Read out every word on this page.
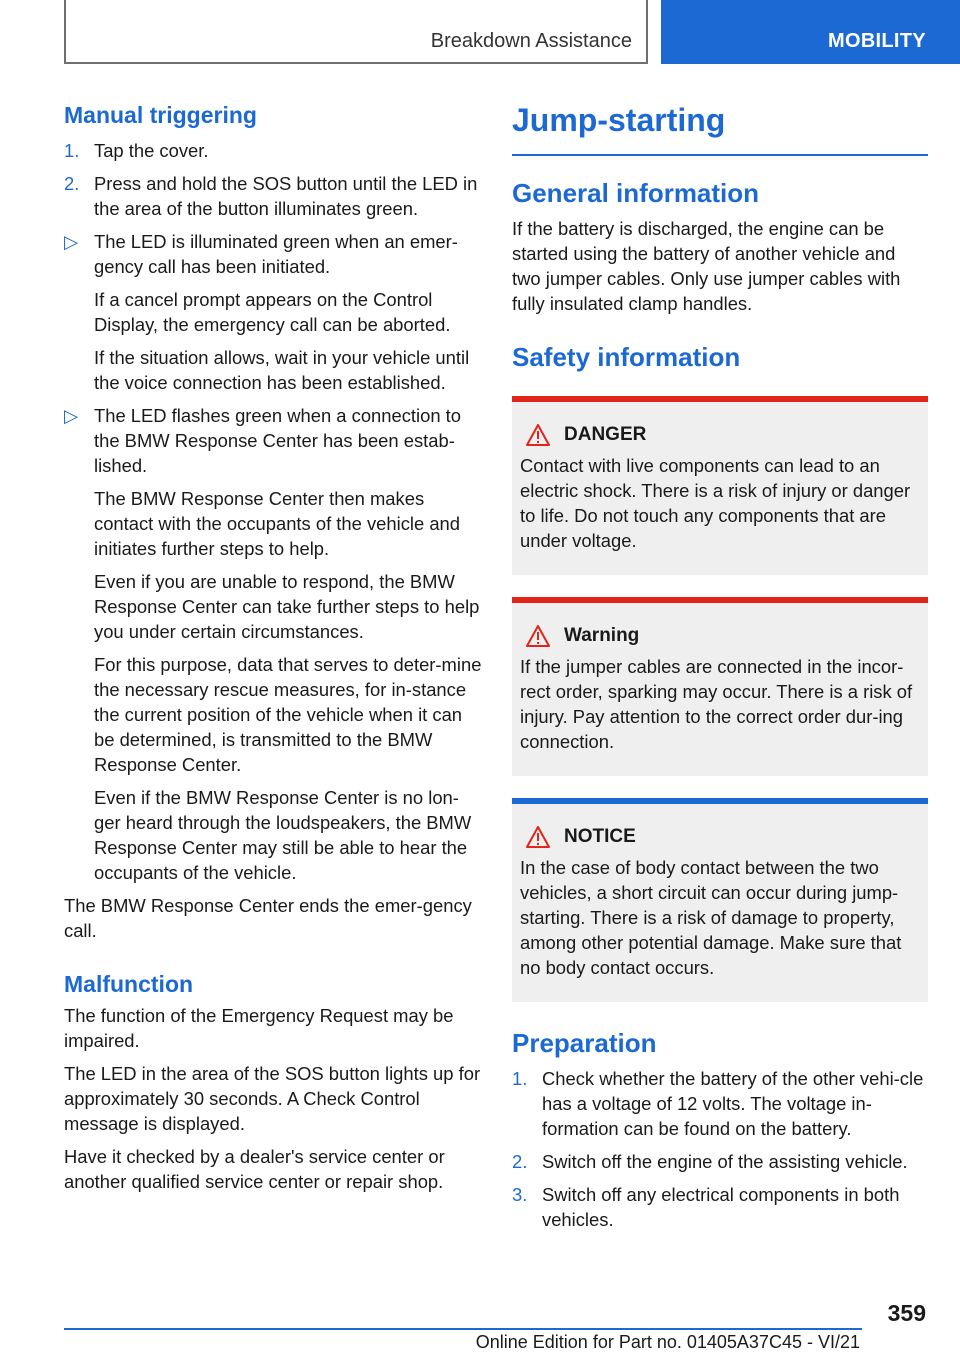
Breakdown Assistance	MOBILITY
Manual triggering
1. Tap the cover.
2. Press and hold the SOS button until the LED in the area of the button illuminates green.
▷ The LED is illuminated green when an emer-gency call has been initiated.
If a cancel prompt appears on the Control Display, the emergency call can be aborted.
If the situation allows, wait in your vehicle until the voice connection has been established.
▷ The LED flashes green when a connection to the BMW Response Center has been estab-lished.
The BMW Response Center then makes contact with the occupants of the vehicle and initiates further steps to help.
Even if you are unable to respond, the BMW Response Center can take further steps to help you under certain circumstances.
For this purpose, data that serves to deter-mine the necessary rescue measures, for in-stance the current position of the vehicle when it can be determined, is transmitted to the BMW Response Center.
Even if the BMW Response Center is no lon-ger heard through the loudspeakers, the BMW Response Center may still be able to hear the occupants of the vehicle.

The BMW Response Center ends the emer-gency call.

Malfunction

The function of the Emergency Request may be impaired.

The LED in the area of the SOS button lights up for approximately 30 seconds. A Check Control message is displayed.

Have it checked by a dealer's service center or another qualified service center or repair shop.

Jump-starting
General information

If the battery is discharged, the engine can be started using the battery of another vehicle and two jumper cables. Only use jumper cables with fully insulated clamp handles.

Safety information
DANGER
Contact with live components can lead to an electric shock. There is a risk of injury or danger to life. Do not touch any components that are under voltage.
Warning
If the jumper cables are connected in the incor-rect order, sparking may occur. There is a risk of injury. Pay attention to the correct order dur-ing connection.
NOTICE
In the case of body contact between the two vehicles, a short circuit can occur during jump-starting. There is a risk of damage to property, among other potential damage. Make sure that no body contact occurs.
Preparation
1. Check whether the battery of the other vehi-cle has a voltage of 12 volts. The voltage in-formation can be found on the battery.
2. Switch off the engine of the assisting vehicle.
3. Switch off any electrical components in both vehicles.
359
Online Edition for Part no. 01405A37C45 - VI/21
